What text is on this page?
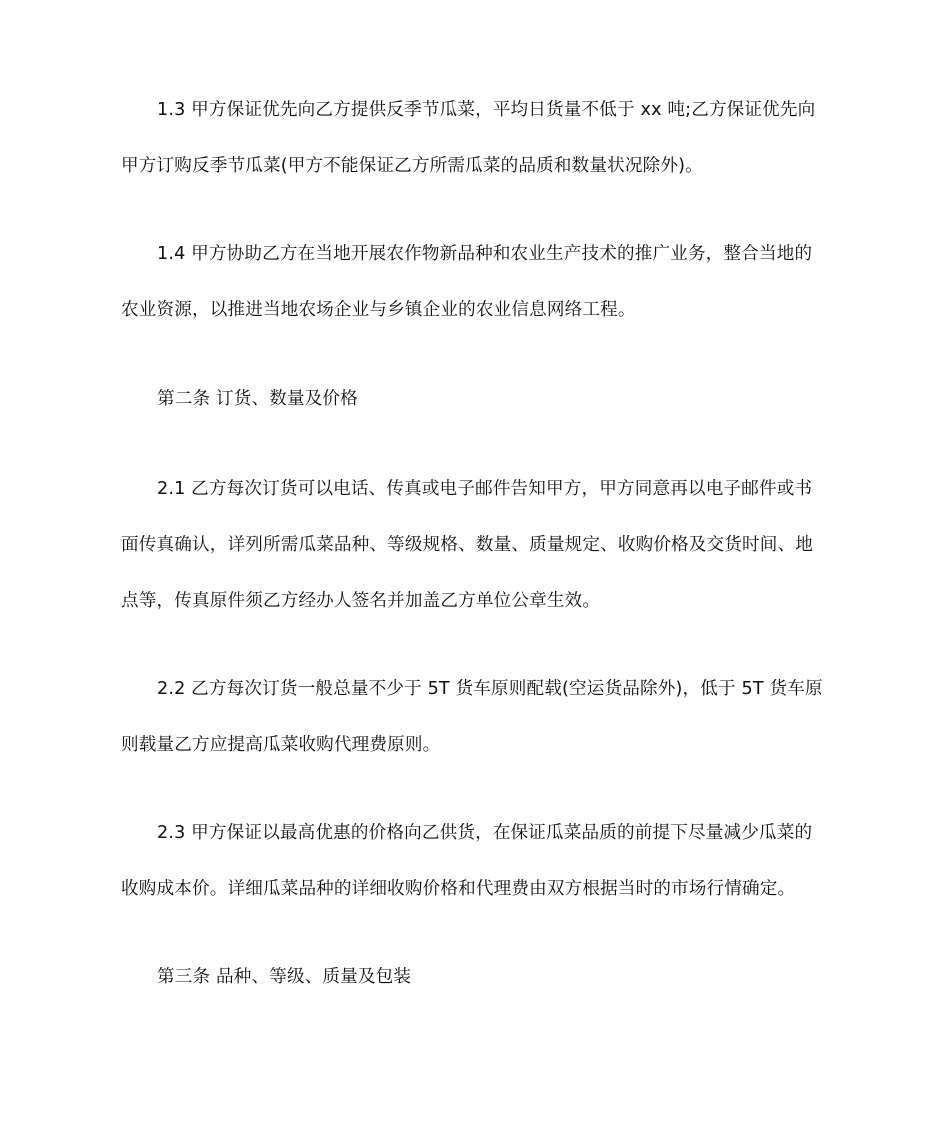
1.3 甲方保证优先向乙方提供反季节瓜菜，平均日货量不低于 xx 吨;乙方保证优先向
甲方订购反季节瓜菜(甲方不能保证乙方所需瓜菜的品质和数量状况除外)。
1.4 甲方协助乙方在当地开展农作物新品种和农业生产技术的推广业务，整合当地的
农业资源，以推进当地农场企业与乡镇企业的农业信息网络工程。
第二条 订货、数量及价格
2.1 乙方每次订货可以电话、传真或电子邮件告知甲方，甲方同意再以电子邮件或书
面传真确认，详列所需瓜菜品种、等级规格、数量、质量规定、收购价格及交货时间、地
点等，传真原件须乙方经办人签名并加盖乙方单位公章生效。
2.2 乙方每次订货一般总量不少于 5T 货车原则配载(空运货品除外)，低于 5T 货车原
则载量乙方应提高瓜菜收购代理费原则。
2.3 甲方保证以最高优惠的价格向乙供货，在保证瓜菜品质的前提下尽量减少瓜菜的
收购成本价。详细瓜菜品种的详细收购价格和代理费由双方根据当时的市场行情确定。
第三条 品种、等级、质量及包装
